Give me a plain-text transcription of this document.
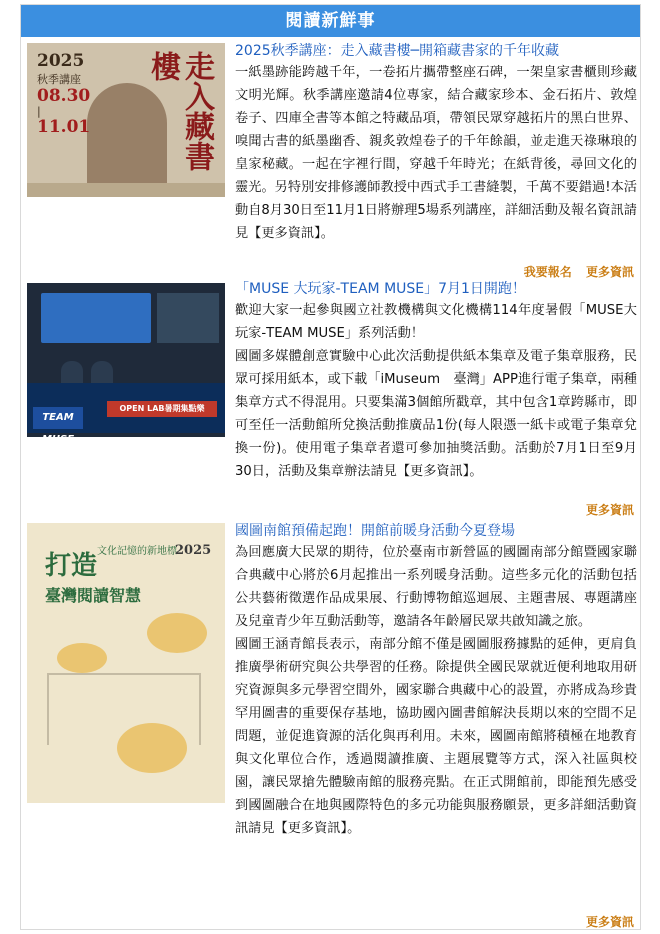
閱讀新鮮事
2025
秋季講座
08.30
|
11.01	走入藏書樓	2025秋季講座：走入藏書樓─開箱藏書家的千年收藏

一紙墨跡能跨越千年，一卷拓片攜帶整座石碑，一架皇家書櫃則珍藏文明光輝。秋季講座邀請4位專家，結合藏家珍本、金石拓片、敦煌卷子、四庫全書等本館之特藏品項，帶領民眾穿越拓片的黑白世界、嗅聞古書的紙墨幽香、親炙敦煌卷子的千年餘韻，並走進天祿琳琅的皇家秘藏。一起在字裡行間，穿越千年時光；在紙背後，尋回文化的靈光。另特別安排修護師教授中西式手工書縫製，千萬不要錯過!本活動自8月30日至11月1日將辦理5場系列講座，詳細活動及報名資訊請見【更多資訊】。

我要報名 更多資訊
OPEN LAB暑期集點樂
TEAM MUSE LIVE

「MUSE 大玩家-TEAM MUSE」7月1日開跑！

歡迎大家一起參與國立社教機構與文化機構114年度暑假「MUSE大玩家-TEAM MUSE」系列活動！
國圖多媒體創意實驗中心此次活動提供紙本集章及電子集章服務，民眾可採用紙本，或下載「iMuseum　臺灣」APP進行電子集章，兩種集章方式不得混用。只要集滿3個館所戳章，其中包含1章跨縣市，即可至任一活動館所兌換活動推廣品1份(每人限憑一紙卡或電子集章兌換一份)。使用電子集章者還可參加抽獎活動。活動於7月1日至9月30日，活動及集章辦法請見【更多資訊】。

更多資訊
打造 文化記憶的新地標
2025
臺灣閱讀智慧

國圖南館預備起跑！開館前暖身活動今夏登場

為回應廣大民眾的期待，位於臺南市新營區的國圖南部分館暨國家聯合典藏中心將於6月起推出一系列暖身活動。這些多元化的活動包括公共藝術徵選作品成果展、行動博物館巡迴展、主題書展、專題講座及兒童青少年互動活動等，邀請各年齡層民眾共啟知識之旅。
國圖王涵青館長表示，南部分館不僅是國圖服務據點的延伸，更肩負推廣學術研究與公共學習的任務。除提供全國民眾就近便利地取用研究資源與多元學習空間外，國家聯合典藏中心的設置，亦將成為珍貴罕用圖書的重要保存基地，協助國內圖書館解決長期以來的空間不足問題，並促進資源的活化與再利用。未來，國圖南館將積極在地教育與文化單位合作，透過閱讀推廣、主題展覽等方式，深入社區與校園，讓民眾搶先體驗南館的服務亮點。在正式開館前，即能預先感受到國圖融合在地與國際特色的多元功能與服務願景，更多詳細活動資訊請見【更多資訊】。

更多資訊
